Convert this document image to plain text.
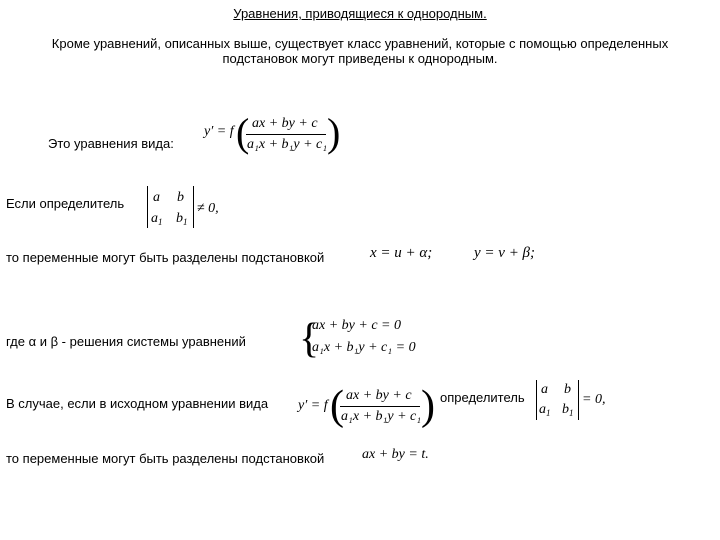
Уравнения, приводящиеся к однородным.
Кроме уравнений, описанных выше, существует класс уравнений, которые с помощью определенных подстановок могут приведены к однородным.
Это уравнения вида:
y′ = f ( ax + by + c
a₁x + b₁y + c₁ )
Если определитель a b
$a_1$ $b_1$
≠ 0,
то переменные могут быть разделены подстановкой	x = u + α;	y = v + β;
где α и β - решения системы уравнений {
ax + by + c = 0
a₁x + b₁y + c₁ = 0
В случае, если в исходном уравнении вида y′ = f ( ax + by + c
a₁x + b₁y + c₁ ) определитель
a b
$a_1$ $b_1$
= 0,
то переменные могут быть разделены подстановкой	ax + by = t.
